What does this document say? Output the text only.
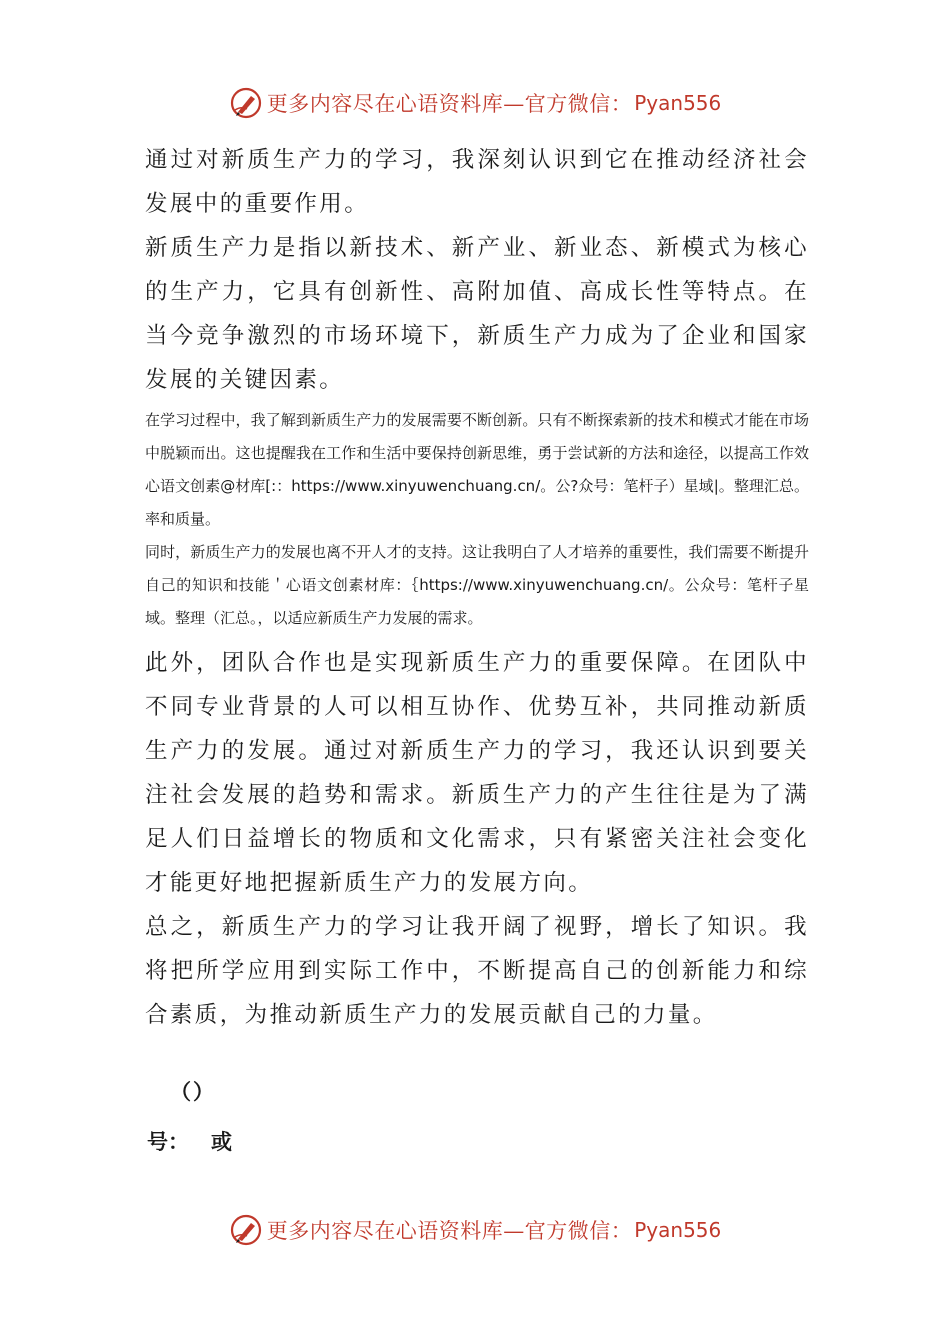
更多内容尽在心语资料库—官方微信： Pyan556

通过对新质生产力的学习，我深刻认识到它在推动经济社会发展中的重要作用。

新质生产力是指以新技术、新产业、新业态、新模式为核心的生产力，它具有创新性、高附加值、高成长性等特点。在当今竞争激烈的市场环境下，新质生产力成为了企业和国家发展的关键因素。

在学习过程中，我了解到新质生产力的发展需要不断创新。只有不断探索新的技术和模式才能在市场中脱颖而出。这也提醒我在工作和生活中要保持创新思维，勇于尝试新的方法和途径，以提高工作效心语文创素@材库[:：https://www.xinyuwenchuang.cn/。公?众号：笔杆子）星域|。整理汇总。率和质量。

同时，新质生产力的发展也离不开人才的支持。这让我明白了人才培养的重要性，我们需要不断提升自己的知识和技能＇心语文创素材库：｛https://www.xinyuwenchuang.cn/。公众号：笔杆子星域。整理（汇总。，以适应新质生产力发展的需求。

此外，团队合作也是实现新质生产力的重要保障。在团队中不同专业背景的人可以相互协作、优势互补，共同推动新质生产力的发展。通过对新质生产力的学习，我还认识到要关注社会发展的趋势和需求。新质生产力的产生往往是为了满足人们日益增长的物质和文化需求，只有紧密关注社会变化才能更好地把握新质生产力的发展方向。

总之，新质生产力的学习让我开阔了视野，增长了知识。我将把所学应用到实际工作中，不断提高自己的创新能力和综合素质，为推动新质生产力的发展贡献自己的力量。

（）
号： 或
更多内容尽在心语资料库—官方微信： Pyan556
